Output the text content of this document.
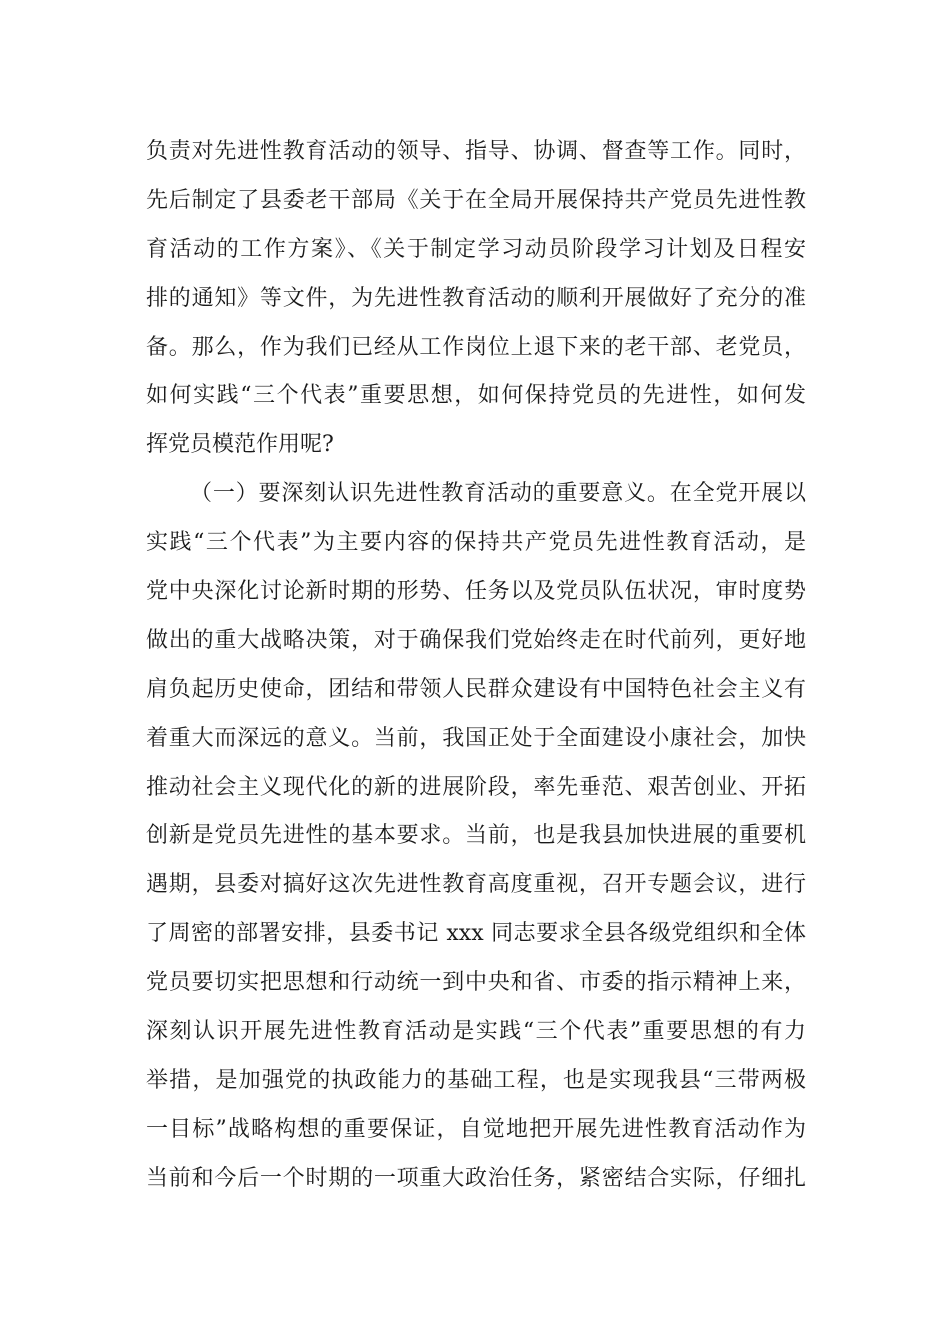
负责对先进性教育活动的领导、指导、协调、督查等工作。同时，
先后制定了县委老干部局《关于在全局开展保持共产党员先进性教
育活动的工作方案》、《关于制定学习动员阶段学习计划及日程安
排的通知》等文件，为先进性教育活动的顺利开展做好了充分的准
备。那么，作为我们已经从工作岗位上退下来的老干部、老党员，
如何实践“三个代表”重要思想，如何保持党员的先进性，如何发
挥党员模范作用呢?
（一）要深刻认识先进性教育活动的重要意义。在全党开展以
实践“三个代表”为主要内容的保持共产党员先进性教育活动，是
党中央深化讨论新时期的形势、任务以及党员队伍状况，审时度势
做出的重大战略决策，对于确保我们党始终走在时代前列，更好地
肩负起历史使命，团结和带领人民群众建设有中国特色社会主义有
着重大而深远的意义。当前，我国正处于全面建设小康社会，加快
推动社会主义现代化的新的进展阶段，率先垂范、艰苦创业、开拓
创新是党员先进性的基本要求。当前，也是我县加快进展的重要机
遇期，县委对搞好这次先进性教育高度重视，召开专题会议，进行
了周密的部署安排，县委书记 xxx 同志要求全县各级党组织和全体
党员要切实把思想和行动统一到中央和省、市委的指示精神上来，
深刻认识开展先进性教育活动是实践“三个代表”重要思想的有力
举措，是加强党的执政能力的基础工程，也是实现我县“三带两极
一目标”战略构想的重要保证，自觉地把开展先进性教育活动作为
当前和今后一个时期的一项重大政治任务，紧密结合实际，仔细扎
